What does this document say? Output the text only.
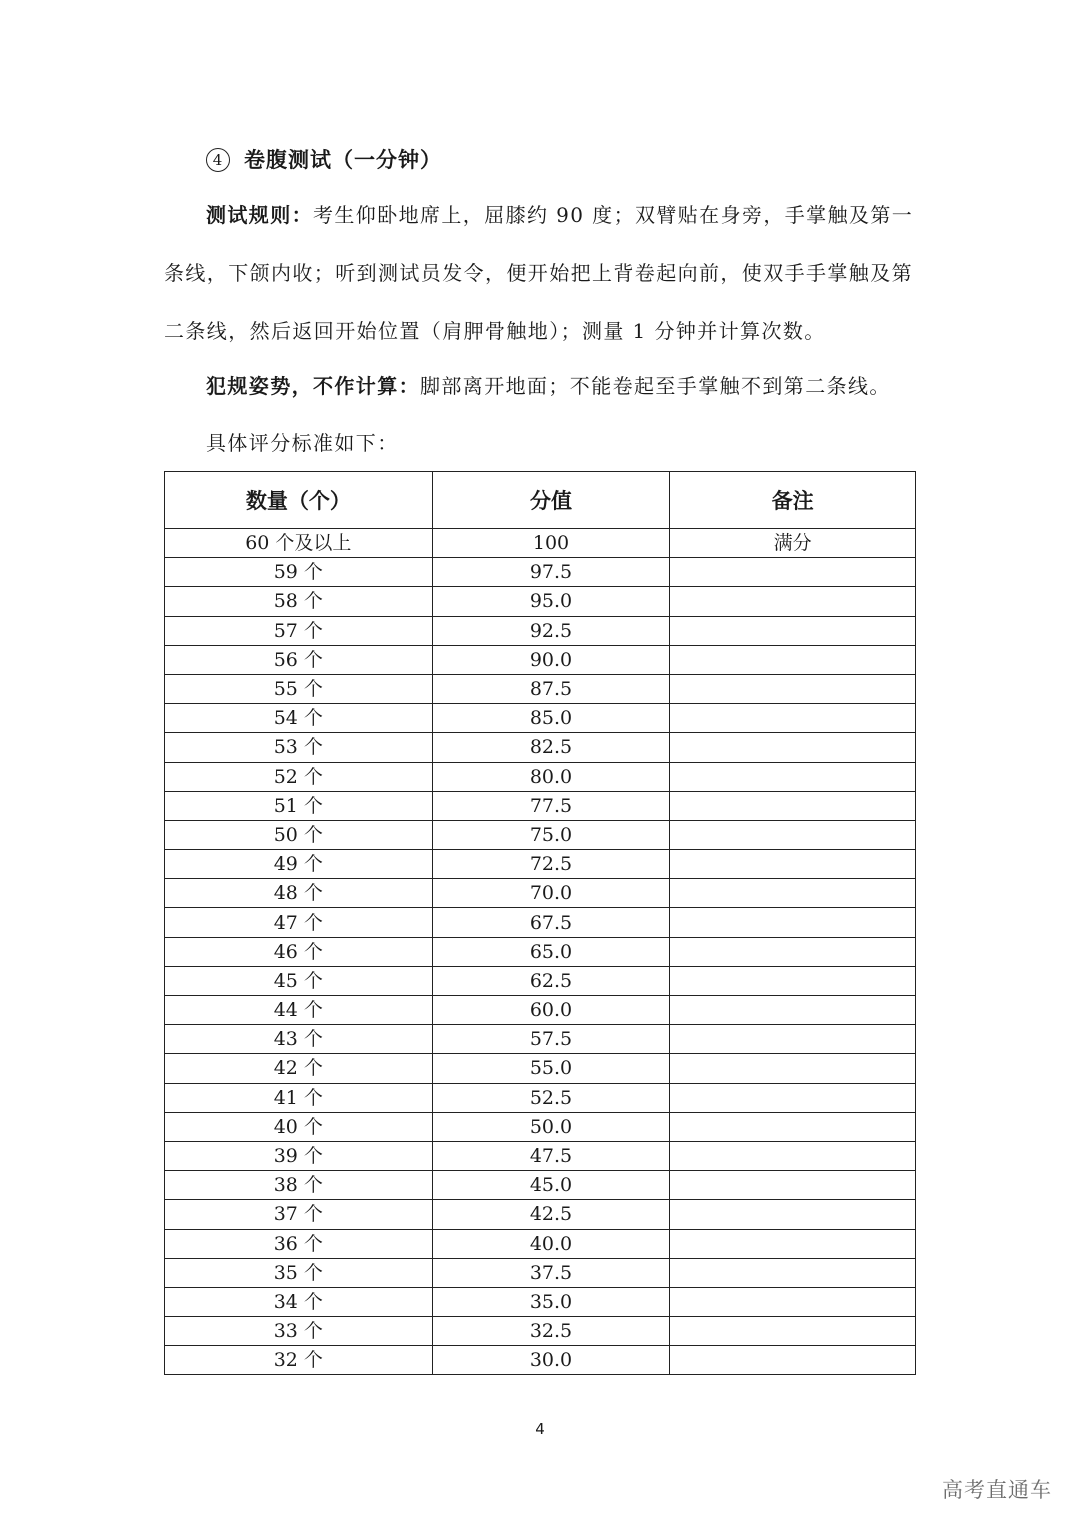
4 卷腹测试（一分钟）
测试规则：考生仰卧地席上，屈膝约 90 度；双臂贴在身旁，手掌触及第一条线，下颌内收；听到测试员发令，便开始把上背卷起向前，使双手手掌触及第二条线，然后返回开始位置（肩胛骨触地）；测量 1 分钟并计算次数。
犯规姿势，不作计算：脚部离开地面；不能卷起至手掌触不到第二条线。
具体评分标准如下：
数量（个）	分值	备注
60 个及以上	100	满分
59 个	97.5	
58 个	95.0	
57 个	92.5	
56 个	90.0	
55 个	87.5	
54 个	85.0	
53 个	82.5	
52 个	80.0	
51 个	77.5	
50 个	75.0	
49 个	72.5	
48 个	70.0	
47 个	67.5	
46 个	65.0	
45 个	62.5	
44 个	60.0	
43 个	57.5	
42 个	55.0	
41 个	52.5	
40 个	50.0	
39 个	47.5	
38 个	45.0	
37 个	42.5	
36 个	40.0	
35 个	37.5	
34 个	35.0	
33 个	32.5	
32 个	30.0	
4
高考直通车
